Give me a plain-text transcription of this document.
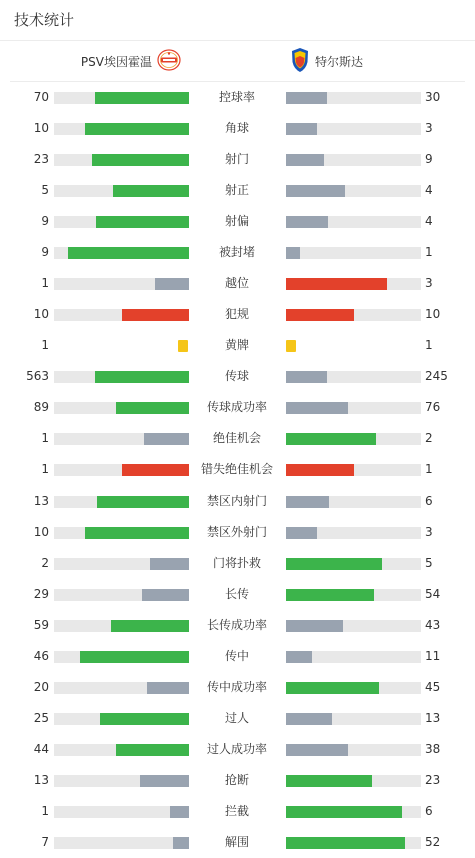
技术统计
PSV埃因霍温	特尔斯达
70	控球率	30
10	角球	3
23	射门	9
5	射正	4
9	射偏	4
9	被封堵	1
1	越位	3
10	犯规	10
1	黄牌	1
563	传球	245
89	传球成功率	76
1	绝佳机会	2
1	错失绝佳机会	1
13	禁区内射门	6
10	禁区外射门	3
2	门将扑救	5
29	长传	54
59	长传成功率	43
46	传中	11
20	传中成功率	45
25	过人	13
44	过人成功率	38
13	抢断	23
1	拦截	6
7	解围	52
